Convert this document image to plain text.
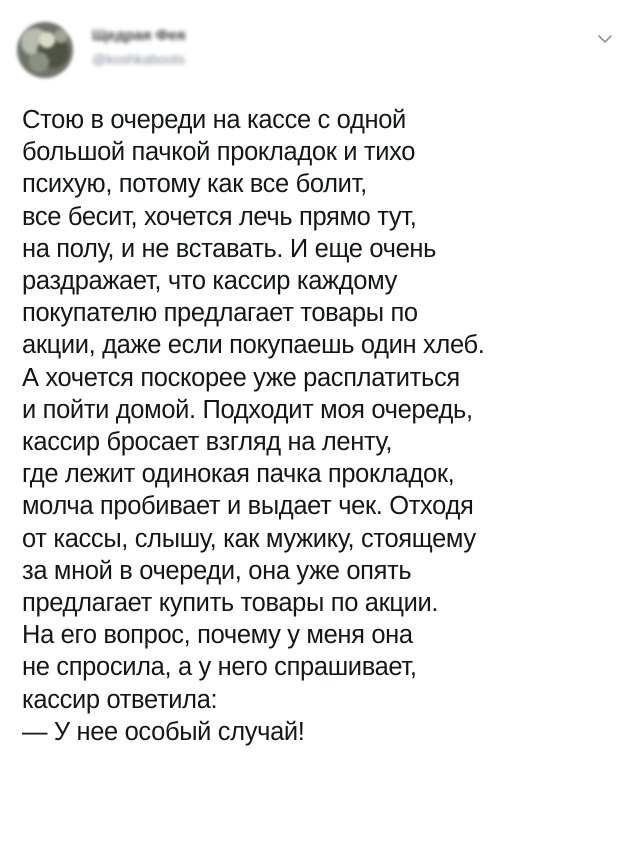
Щедрая Фея
@koshkaboots
Стою в очереди на кассе с одной
большой пачкой прокладок и тихо
психую, потому как все болит,
все бесит, хочется лечь прямо тут,
на полу, и не вставать. И еще очень
раздражает, что кассир каждому
покупателю предлагает товары по
акции, даже если покупаешь один хлеб.
А хочется поскорее уже расплатиться
и пойти домой. Подходит моя очередь,
кассир бросает взгляд на ленту,
где лежит одинокая пачка прокладок,
молча пробивает и выдает чек. Отходя
от кассы, слышу, как мужику, стоящему
за мной в очереди, она уже опять
предлагает купить товары по акции.
На его вопрос, почему у меня она
не спросила, а у него спрашивает,
кассир ответила:
— У нее особый случай!
